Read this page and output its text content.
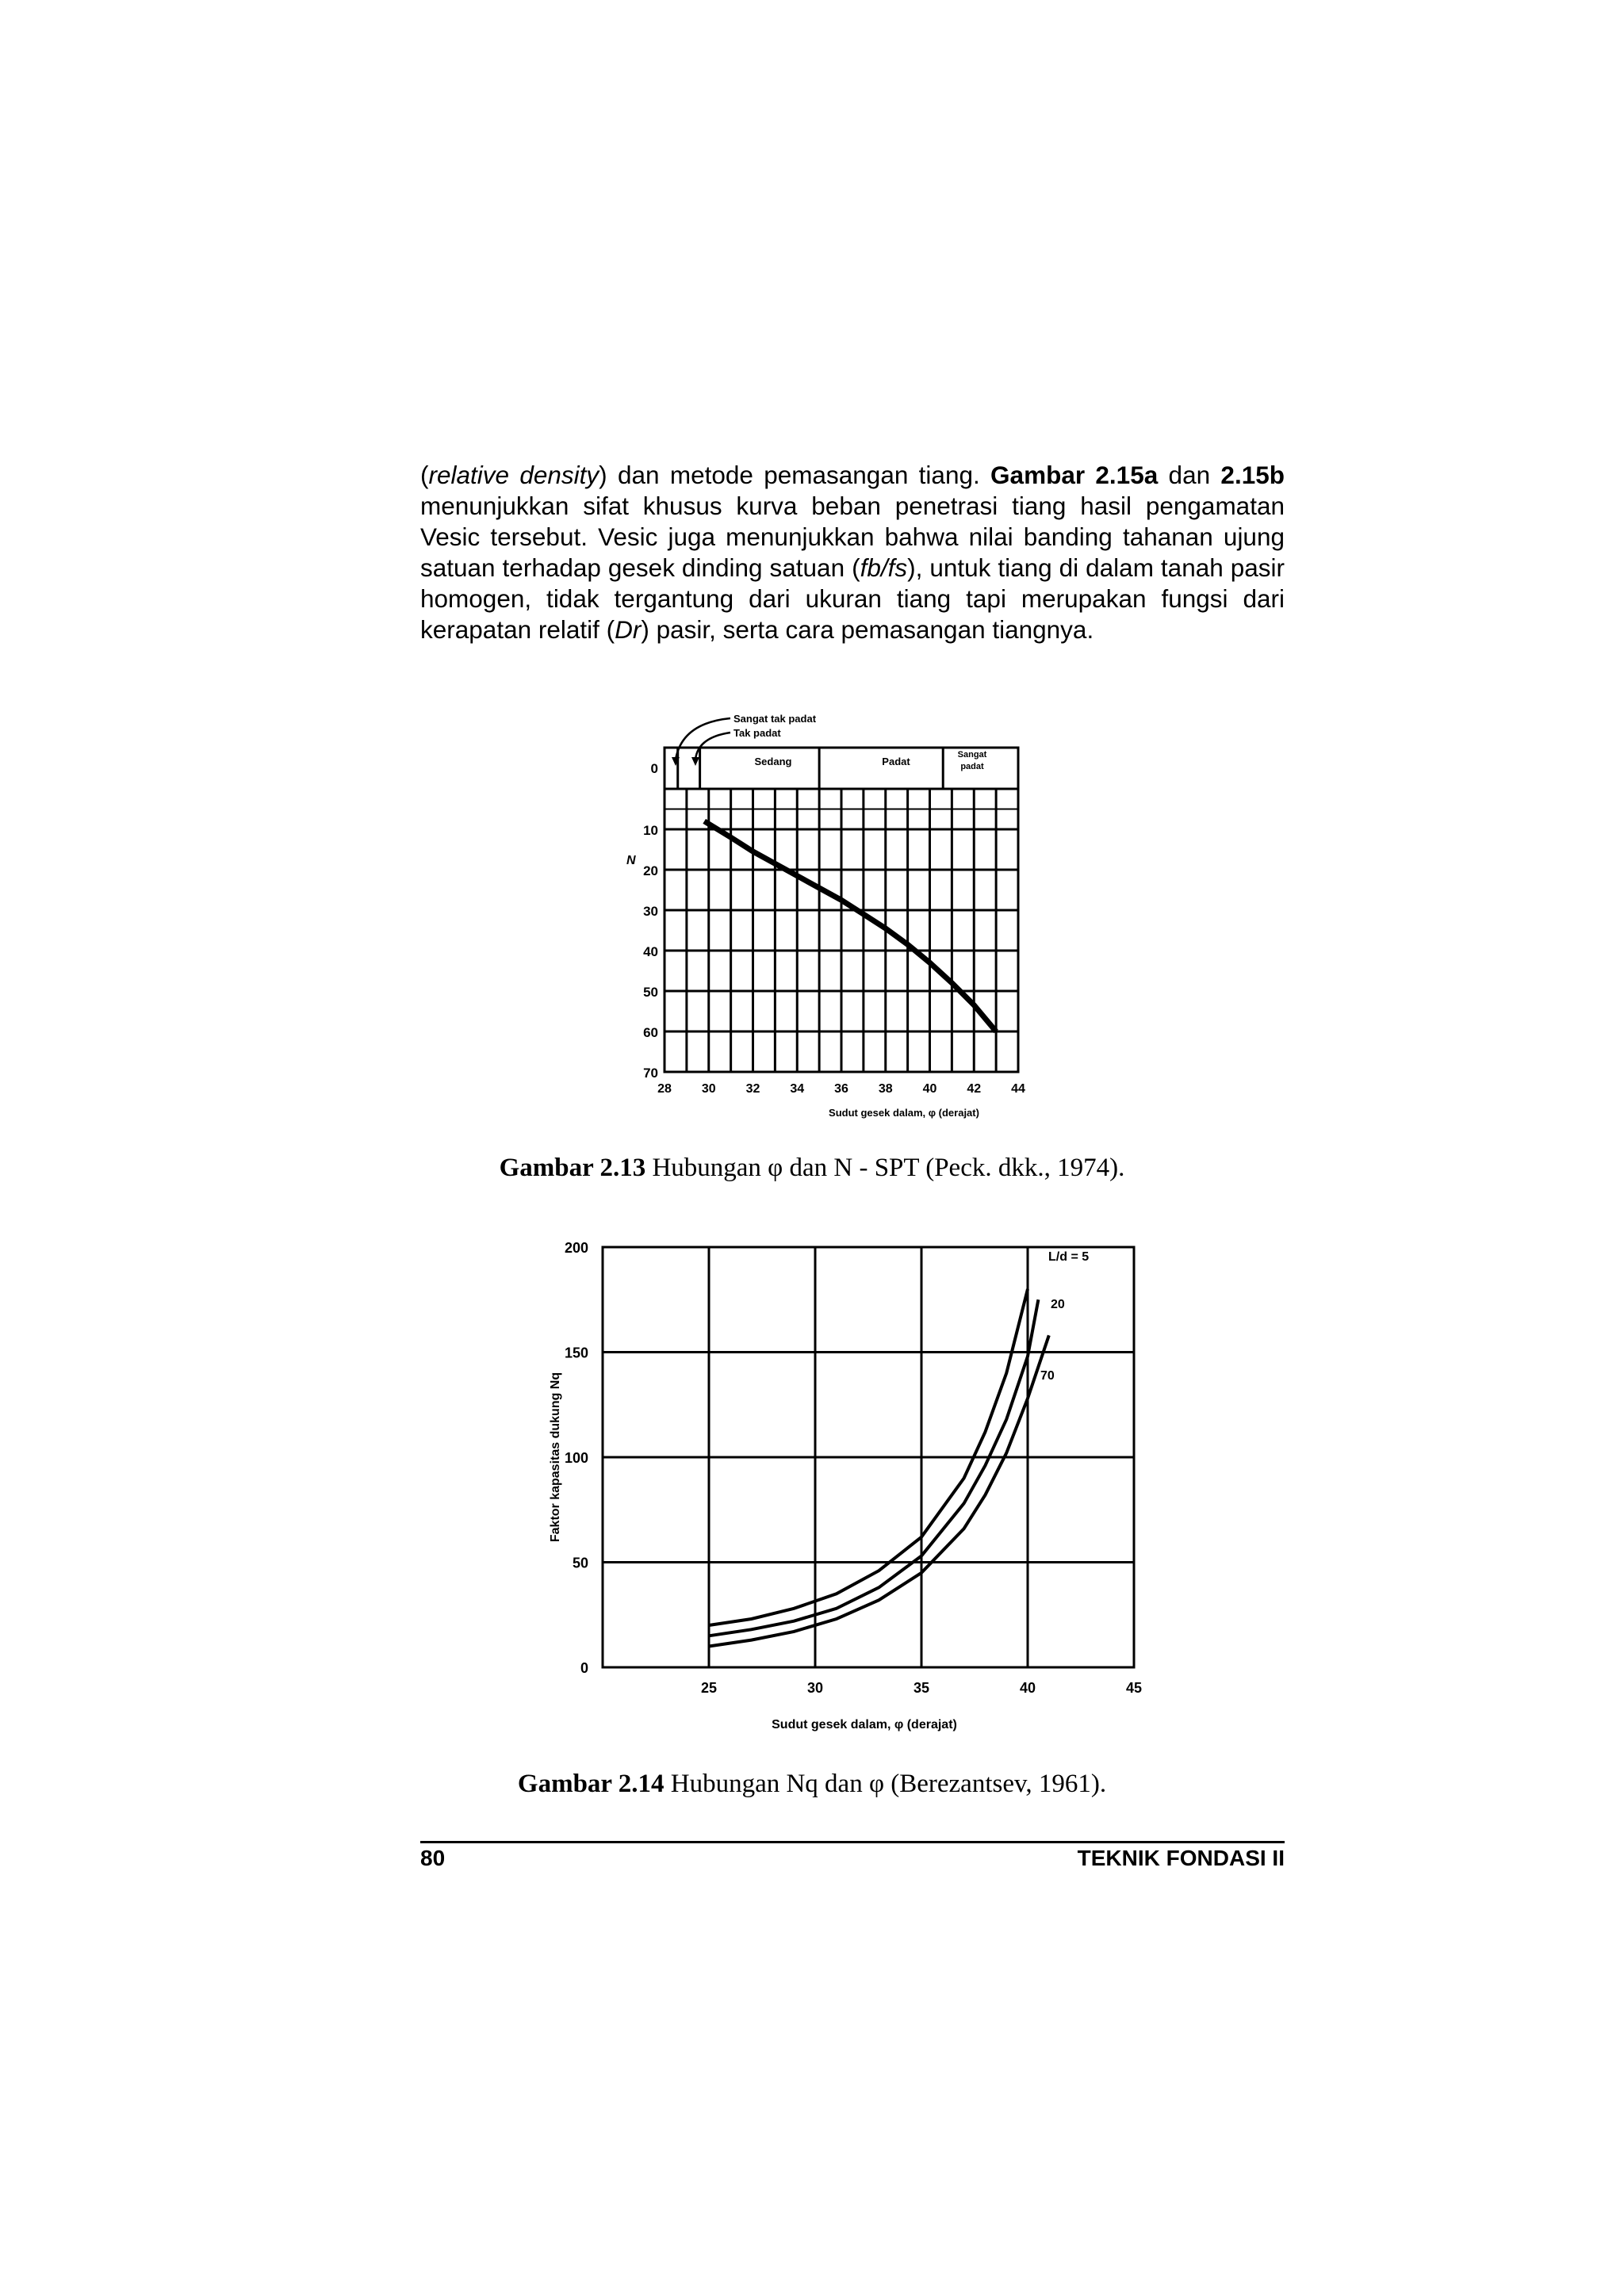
(relative density) dan metode pemasangan tiang. Gambar 2.15a dan 2.15b menunjukkan sifat khusus kurva beban penetrasi tiang hasil pengamatan Vesic tersebut. Vesic juga menunjukkan bahwa nilai banding tahanan ujung satuan terhadap gesek dinding satuan (fb/fs), untuk tiang di dalam tanah pasir homogen, tidak tergantung dari ukuran tiang tapi merupakan fungsi dari kerapatan relatif (Dr) pasir, serta cara pemasangan tiangnya.

0
10
20
30
40
50
60
70
28 30 32 34 36 38 40 42 44
N
Sudut gesek dalam, φ (derajat)
Sedang	Padat
Sangat
padat
Sangat tak padat
Tak padat
Gambar 2.13 Hubungan φ dan N - SPT (Peck. dkk., 1974).
0
50
100
150
200
25	30	35	40	45
Sudut gesek dalam, φ (derajat)
Faktor kapasitas dukung Nq
L/d = 5
20
70
Gambar 2.14 Hubungan Nq dan φ (Berezantsev, 1961).
80	TEKNIK FONDASI II
